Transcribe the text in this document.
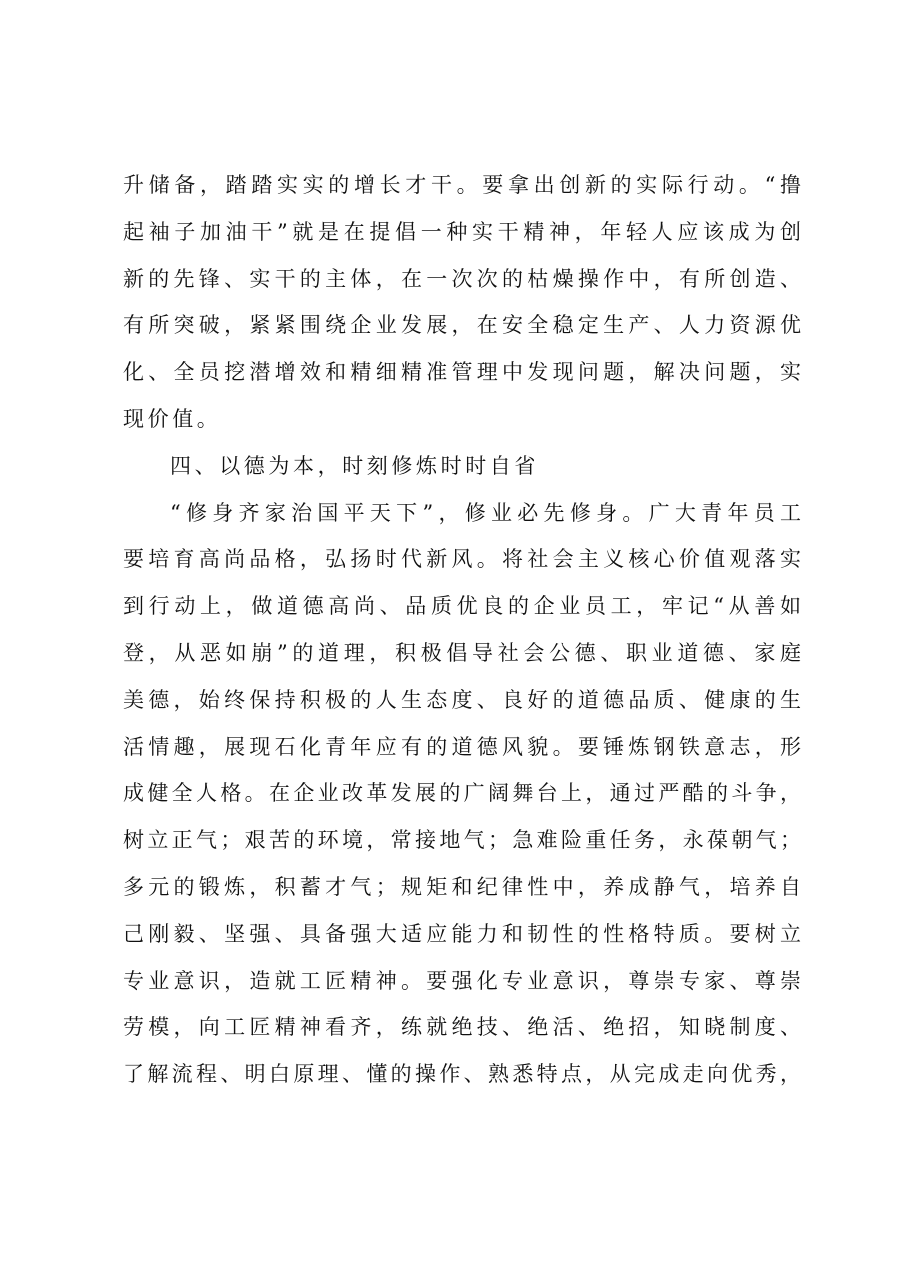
升储备，踏踏实实的增长才干。要拿出创新的实际行动。“撸
起袖子加油干”就是在提倡一种实干精神，年轻人应该成为创
新的先锋、实干的主体，在一次次的枯燥操作中，有所创造、
有所突破，紧紧围绕企业发展，在安全稳定生产、人力资源优
化、全员挖潜增效和精细精准管理中发现问题，解决问题，实
现价值。
四、以德为本，时刻修炼时时自省
“修身齐家治国平天下”，修业必先修身。广大青年员工
要培育高尚品格，弘扬时代新风。将社会主义核心价值观落实
到行动上，做道德高尚、品质优良的企业员工，牢记“从善如
登，从恶如崩”的道理，积极倡导社会公德、职业道德、家庭
美德，始终保持积极的人生态度、良好的道德品质、健康的生
活情趣，展现石化青年应有的道德风貌。要锤炼钢铁意志，形
成健全人格。在企业改革发展的广阔舞台上，通过严酷的斗争，
树立正气；艰苦的环境，常接地气；急难险重任务，永葆朝气；
多元的锻炼，积蓄才气；规矩和纪律性中，养成静气，培养自
己刚毅、坚强、具备强大适应能力和韧性的性格特质。要树立
专业意识，造就工匠精神。要强化专业意识，尊崇专家、尊崇
劳模，向工匠精神看齐，练就绝技、绝活、绝招，知晓制度、
了解流程、明白原理、懂的操作、熟悉特点，从完成走向优秀，
